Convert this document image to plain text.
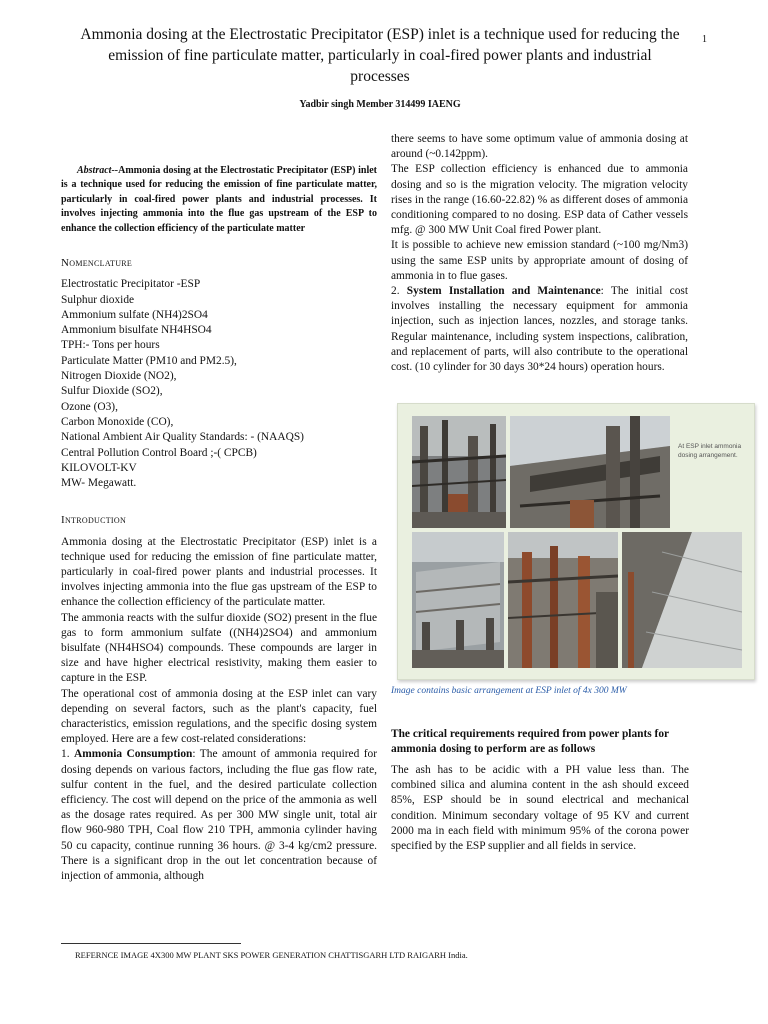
Ammonia dosing at the Electrostatic Precipitator (ESP) inlet is a technique used for reducing the emission of fine particulate matter, particularly in coal-fired power plants and industrial processes
1
Yadbir singh Member 314499 IAENG

Abstract--Ammonia dosing at the Electrostatic Precipitator (ESP) inlet is a technique used for reducing the emission of fine particulate matter, particularly in coal-fired power plants and industrial processes. It involves injecting ammonia into the flue gas upstream of the ESP to enhance the collection efficiency of the particulate matter

Nomenclature
Electrostatic Precipitator -ESP
Sulphur dioxide
Ammonium sulfate (NH4)2SO4
Ammonium bisulfate NH4HSO4
TPH:- Tons per hours
Particulate Matter (PM10 and PM2.5),
Nitrogen Dioxide (NO2),
Sulfur Dioxide (SO2),
Ozone (O3),
Carbon Monoxide (CO),
National Ambient Air Quality Standards: - (NAAQS)
Central Pollution Control Board ;-( CPCB)
KILOVOLT-KV
MW- Megawatt.
Introduction

Ammonia dosing at the Electrostatic Precipitator (ESP) inlet is a technique used for reducing the emission of fine particulate matter, particularly in coal-fired power plants and industrial processes. It involves injecting ammonia into the flue gas upstream of the ESP to enhance the collection efficiency of the particulate matter.

The ammonia reacts with the sulfur dioxide (SO2) present in the flue gas to form ammonium sulfate ((NH4)2SO4) and ammonium bisulfate (NH4HSO4) compounds. These compounds are larger in size and have higher electrical resistivity, making them easier to capture in the ESP.

The operational cost of ammonia dosing at the ESP inlet can vary depending on several factors, such as the plant's capacity, fuel characteristics, emission regulations, and the specific dosing system employed. Here are a few cost-related considerations:

1. Ammonia Consumption: The amount of ammonia required for dosing depends on various factors, including the flue gas flow rate, sulfur content in the fuel, and the desired particulate collection efficiency. The cost will depend on the price of the ammonia as well as the dosage rates required. As per 300 MW single unit, total air flow 960-980 TPH, Coal flow 210 TPH, ammonia cylinder having 50 cu capacity, continue running 36 hours. @ 3-4 kg/cm2 pressure. There is a significant drop in the out let concentration because of injection of ammonia, although

there seems to have some optimum value of ammonia dosing at around (~0.142ppm).

The ESP collection efficiency is enhanced due to ammonia dosing and so is the migration velocity. The migration velocity rises in the range (16.60-22.82) % as different doses of ammonia conditioning compared to no dosing. ESP data of Cather vessels mfg. @ 300 MW Unit Coal fired Power plant.

It is possible to achieve new emission standard (~100 mg/Nm3) using the same ESP units by appropriate amount of dosing of ammonia in to flue gases.

2. System Installation and Maintenance: The initial cost involves installing the necessary equipment for ammonia injection, such as injection lances, nozzles, and storage tanks. Regular maintenance, including system inspections, calibration, and replacement of parts, will also contribute to the operational cost. (10 cylinder for 30 days 30*24 hours) operation hours.

At ESP inlet ammonia dosing arrangement.
Image contains basic arrangement at ESP inlet of 4x 300 MW

The critical requirements required from power plants for ammonia dosing to perform are as follows

The ash has to be acidic with a PH value less than. The combined silica and alumina content in the ash should exceed 85%, ESP should be in sound electrical and mechanical condition. Minimum secondary voltage of 95 KV and current 2000 ma in each field with minimum 95% of the corona power specified by the ESP supplier and all fields in service.

REFERNCE IMAGE 4X300 MW PLANT SKS POWER GENERATION CHATTISGARH LTD RAIGARH India.
